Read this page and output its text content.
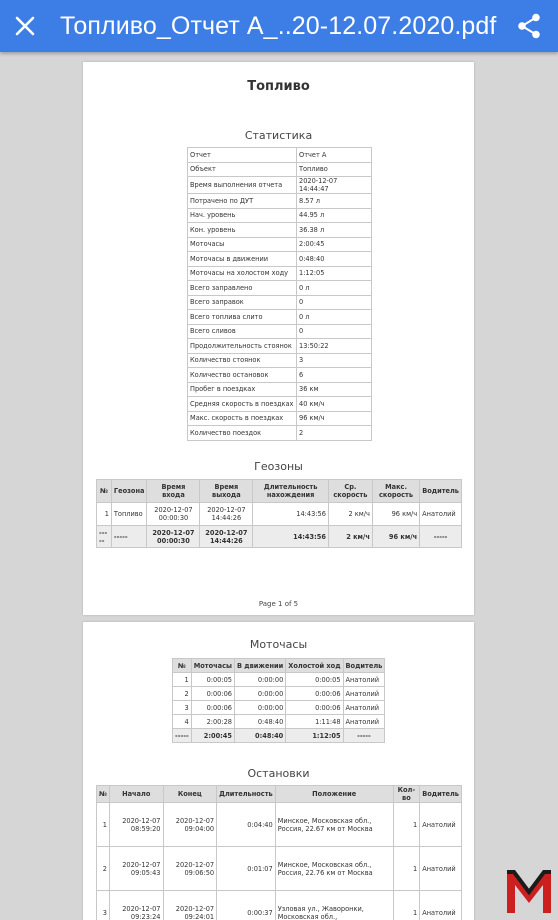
Топливо_Отчет А_..20-12.07.2020.pdf
Топливо
Статистика
Отчет	Отчет А
Объект	Топливо
Время выполнения отчета	2020-12-07 14:44:47
Потрачено по ДУТ	8.57 л
Нач. уровень	44.95 л
Кон. уровень	36.38 л
Моточасы	2:00:45
Моточасы в движении	0:48:40
Моточасы на холостом ходу	1:12:05
Всего заправлено	0 л
Всего заправок	0
Всего топлива слито	0 л
Всего сливов	0
Продолжительность стоянок	13:50:22
Количество стоянок	3
Количество остановок	6
Пробег в поездках	36 км
Средняя скорость в поездках	40 км/ч
Макс. скорость в поездках	96 км/ч
Количество поездок	2
Геозоны
№	Геозона	Время входа	Время выхода	Длительность нахождения	Ср. скорость	Макс. скорость	Водитель
1	Топливо	2020-12-07 00:00:30	2020-12-07 14:44:26	14:43:56	2 км/ч	96 км/ч	Анатолий
-----	-----	2020-12-07 00:00:30	2020-12-07 14:44:26	14:43:56	2 км/ч	96 км/ч	-----
Page 1 of 5
Моточасы
№	Моточасы	В движении	Холостой ход	Водитель
1	0:00:05	0:00:00	0:00:05	Анатолий
2	0:00:06	0:00:00	0:00:06	Анатолий
3	0:00:06	0:00:00	0:00:06	Анатолий
4	2:00:28	0:48:40	1:11:48	Анатолий
-----	2:00:45	0:48:40	1:12:05	-----
Остановки
№	Начало	Конец	Длительность	Положение	Кол-во	Водитель
1	2020-12-07 08:59:20	2020-12-07 09:04:00	0:04:40	Минское, Московская обл., Россия, 22.67 км от Москва	1	Анатолий
2	2020-12-07 09:05:43	2020-12-07 09:06:50	0:01:07	Минское, Московская обл., Россия, 22.76 км от Москва	1	Анатолий
3	2020-12-07 09:23:24	2020-12-07 09:24:01	0:00:37	Узловая ул., Жаворонки, Московская обл.,	1	Анатолий
